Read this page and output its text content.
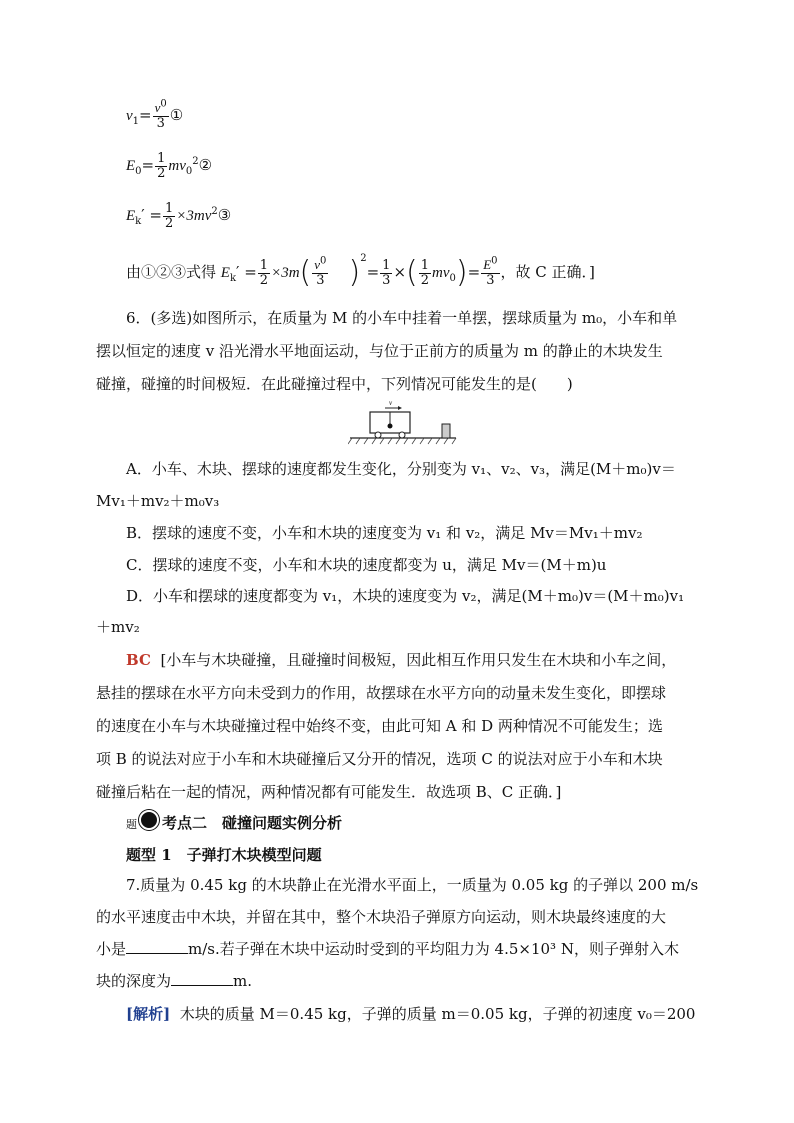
$v_1= \frac{v^0}{3}$ ①
$E_0= \frac{1}{2}$ $mv_0^2②$
$E_k' = \frac{1}{2}$ $\times 3mv^2③$
由①②③式得 $E_k' = \frac{1}{2} \times 3m( \frac{v^0}{3} )^2= \frac{1}{3}$ ×( $\frac{1}{2} mv_0)= \frac{E^0}{3}$ ，故 C 正确．]
6．(多选)如图所示，在质量为 M 的小车中挂着一单摆，摆球质量为 m₀，小车和单
摆以恒定的速度 v 沿光滑水平地面运动，与位于正前方的质量为 m 的静止的木块发生
碰撞，碰撞的时间极短．在此碰撞过程中，下列情况可能发生的是(　　)
v
A．小车、木块、摆球的速度都发生变化，分别变为 v₁、v₂、v₃，满足(M＋m₀)v＝
Mv₁＋mv₂＋m₀v₃
B．摆球的速度不变，小车和木块的速度变为 v₁ 和 v₂，满足 Mv＝Mv₁＋mv₂
C．摆球的速度不变，小车和木块的速度都变为 u，满足 Mv＝(M＋m)u
D．小车和摆球的速度都变为 v₁，木块的速度变为 v₂，满足(M＋m₀)v＝(M＋m₀)v₁
＋mv₂
BC [小车与木块碰撞，且碰撞时间极短，因此相互作用只发生在木块和小车之间，
悬挂的摆球在水平方向未受到力的作用，故摆球在水平方向的动量未发生变化，即摆球
的速度在小车与木块碰撞过程中始终不变，由此可知 A 和 D 两种情况不可能发生；选
项 B 的说法对应于小车和木块碰撞后又分开的情况，选项 C 的说法对应于小车和木块
碰撞后粘在一起的情况，两种情况都有可能发生．故选项 B、C 正确．]
题 考点二　碰撞问题实例分析
题型 1　子弹打木块模型问题
7.质量为 0.45 kg 的木块静止在光滑水平面上，一质量为 0.05 kg 的子弹以 200 m/s
的水平速度击中木块，并留在其中，整个木块沿子弹原方向运动，则木块最终速度的大
小是	m/s.若子弹在木块中运动时受到的平均阻力为 4.5×10³ N，则子弹射入木
块的深度为	m.
[解析] 木块的质量 M＝0.45 kg，子弹的质量 m＝0.05 kg，子弹的初速度 v₀＝200
